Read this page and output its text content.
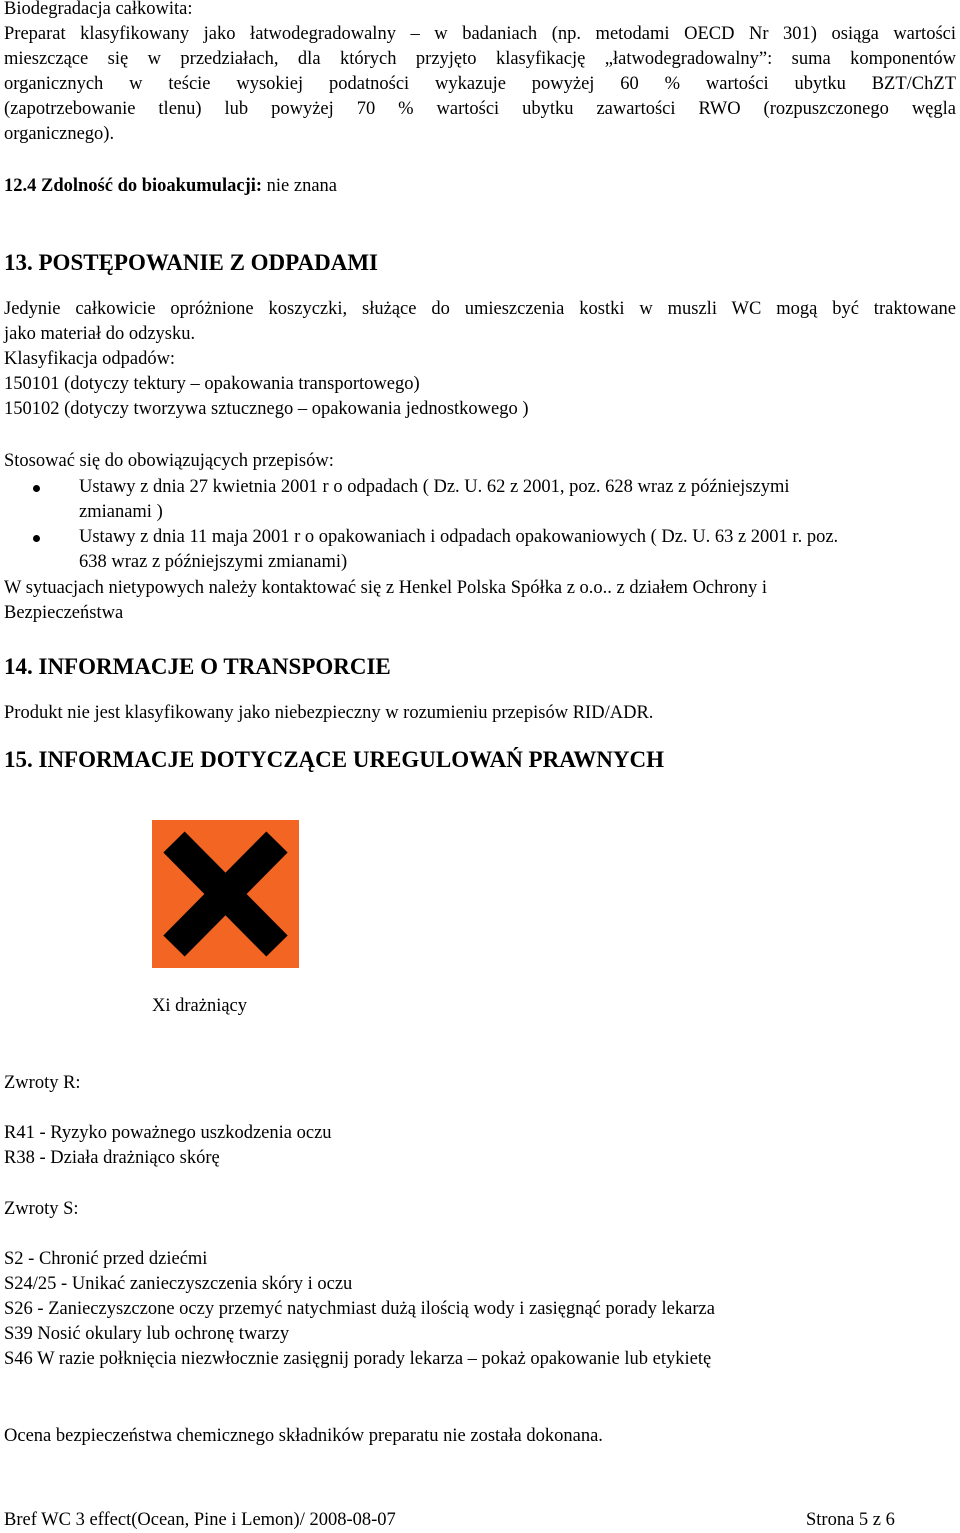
Biodegradacja całkowita:
Preparat klasyfikowany jako łatwodegradowalny – w badaniach (np. metodami OECD Nr 301) osiąga wartości
mieszczące się w przedziałach, dla których przyjęto klasyfikację „łatwodegradowalny”: suma komponentów
organicznych w teście wysokiej podatności wykazuje powyżej 60 % wartości ubytku BZT/ChZT
(zapotrzebowanie tlenu) lub powyżej 70 % wartości ubytku zawartości RWO (rozpuszczonego węgla
organicznego).
12.4 Zdolność do bioakumulacji: nie znana
13. POSTĘPOWANIE Z ODPADAMI
Jedynie całkowicie opróżnione koszyczki, służące do umieszczenia kostki w muszli WC mogą być traktowane
jako materiał do odzysku.
Klasyfikacja odpadów:
150101 (dotyczy tektury – opakowania transportowego)
150102 (dotyczy tworzywa sztucznego – opakowania jednostkowego )
Stosować się do obowiązujących przepisów:
Ustawy z dnia 27 kwietnia 2001 r o odpadach ( Dz. U. 62 z 2001, poz. 628 wraz z późniejszymi
zmianami )
Ustawy z dnia 11 maja 2001 r o opakowaniach i odpadach opakowaniowych ( Dz. U. 63 z 2001 r. poz.
638 wraz z późniejszymi zmianami)
W sytuacjach nietypowych należy kontaktować się z Henkel Polska Spółka z o.o.. z działem Ochrony i
Bezpieczeństwa
14. INFORMACJE O TRANSPORCIE
Produkt nie jest klasyfikowany jako niebezpieczny w rozumieniu przepisów RID/ADR.
15. INFORMACJE DOTYCZĄCE UREGULOWAŃ PRAWNYCH
Xi drażniący
Zwroty R:
R41 - Ryzyko poważnego uszkodzenia oczu
R38 - Działa drażniąco skórę
Zwroty S:
S2 - Chronić przed dziećmi
S24/25 - Unikać zanieczyszczenia skóry i oczu
S26 - Zanieczyszczone oczy przemyć natychmiast dużą ilością wody i zasięgnąć porady lekarza
S39 Nosić okulary lub ochronę twarzy
S46 W razie połknięcia niezwłocznie zasięgnij porady lekarza – pokaż opakowanie lub etykietę
Ocena bezpieczeństwa chemicznego składników preparatu nie została dokonana.
Bref WC 3 effect(Ocean, Pine i Lemon)/ 2008-08-07	Strona 5 z 6
